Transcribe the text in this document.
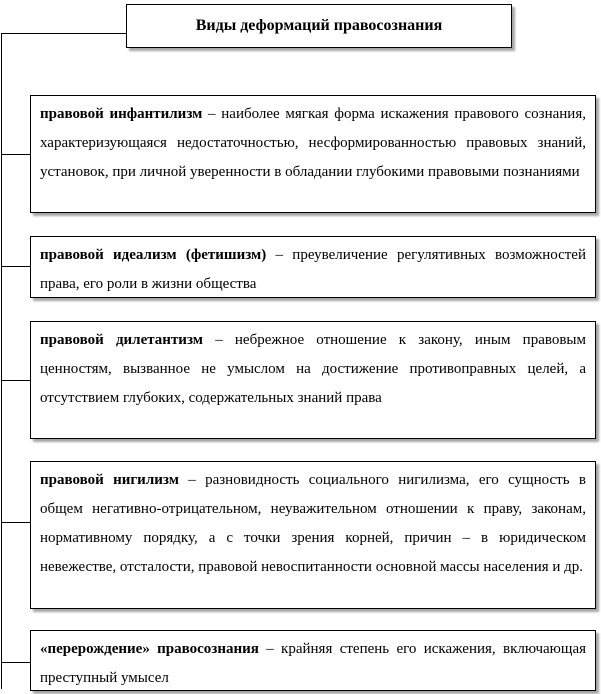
Виды деформаций правосознания
правовой инфантилизм – наиболее мягкая форма искажения правового сознания, характеризующаяся недостаточностью, несформированностью правовых знаний, установок, при личной уверенности в обладании глубокими правовыми познаниями
правовой идеализм (фетишизм) – преувеличение регулятивных возможностей права, его роли в жизни общества
правовой дилетантизм – небрежное отношение к закону, иным правовым ценностям, вызванное не умыслом на достижение противоправных целей, а отсутствием глубоких, содержательных знаний права
правовой нигилизм – разновидность социального нигилизма, его сущность в общем негативно-отрицательном, неуважительном отношении к праву, законам, нормативному порядку, а с точки зрения корней, причин – в юридическом невежестве, отсталости, правовой невоспитанности основной массы населения и др.
«перерождение» правосознания – крайняя степень его искажения, включающая преступный умысел
